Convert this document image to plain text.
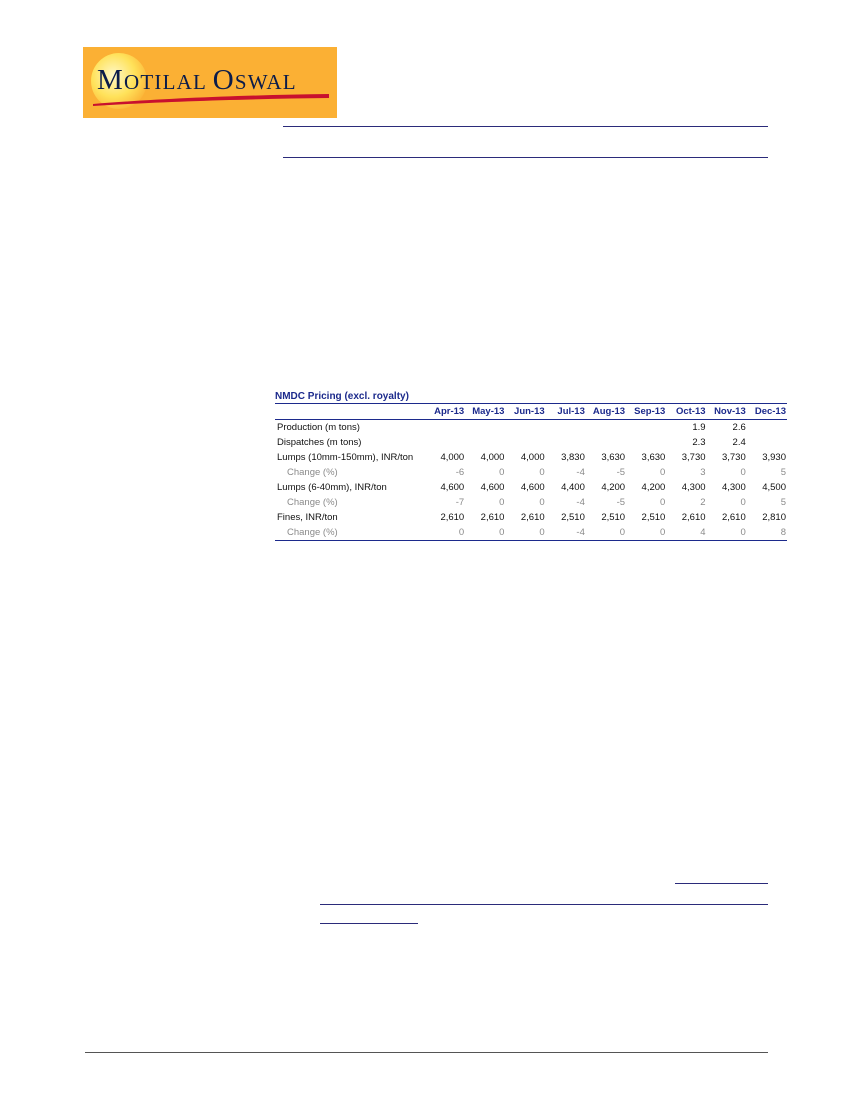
MOTILAL OSWAL
NMDC Pricing (excl. royalty)
	Apr-13	May-13	Jun-13	Jul-13	Aug-13	Sep-13	Oct-13	Nov-13	Dec-13
Production (m tons)							1.9	2.6	
Dispatches (m tons)							2.3	2.4	
Lumps (10mm-150mm), INR/ton	4,000	4,000	4,000	3,830	3,630	3,630	3,730	3,730	3,930
Change (%)	-6	0	0	-4	-5	0	3	0	5
Lumps (6-40mm), INR/ton	4,600	4,600	4,600	4,400	4,200	4,200	4,300	4,300	4,500
Change (%)	-7	0	0	-4	-5	0	2	0	5
Fines, INR/ton	2,610	2,610	2,610	2,510	2,510	2,510	2,610	2,610	2,810
Change (%)	0	0	0	-4	0	0	4	0	8
